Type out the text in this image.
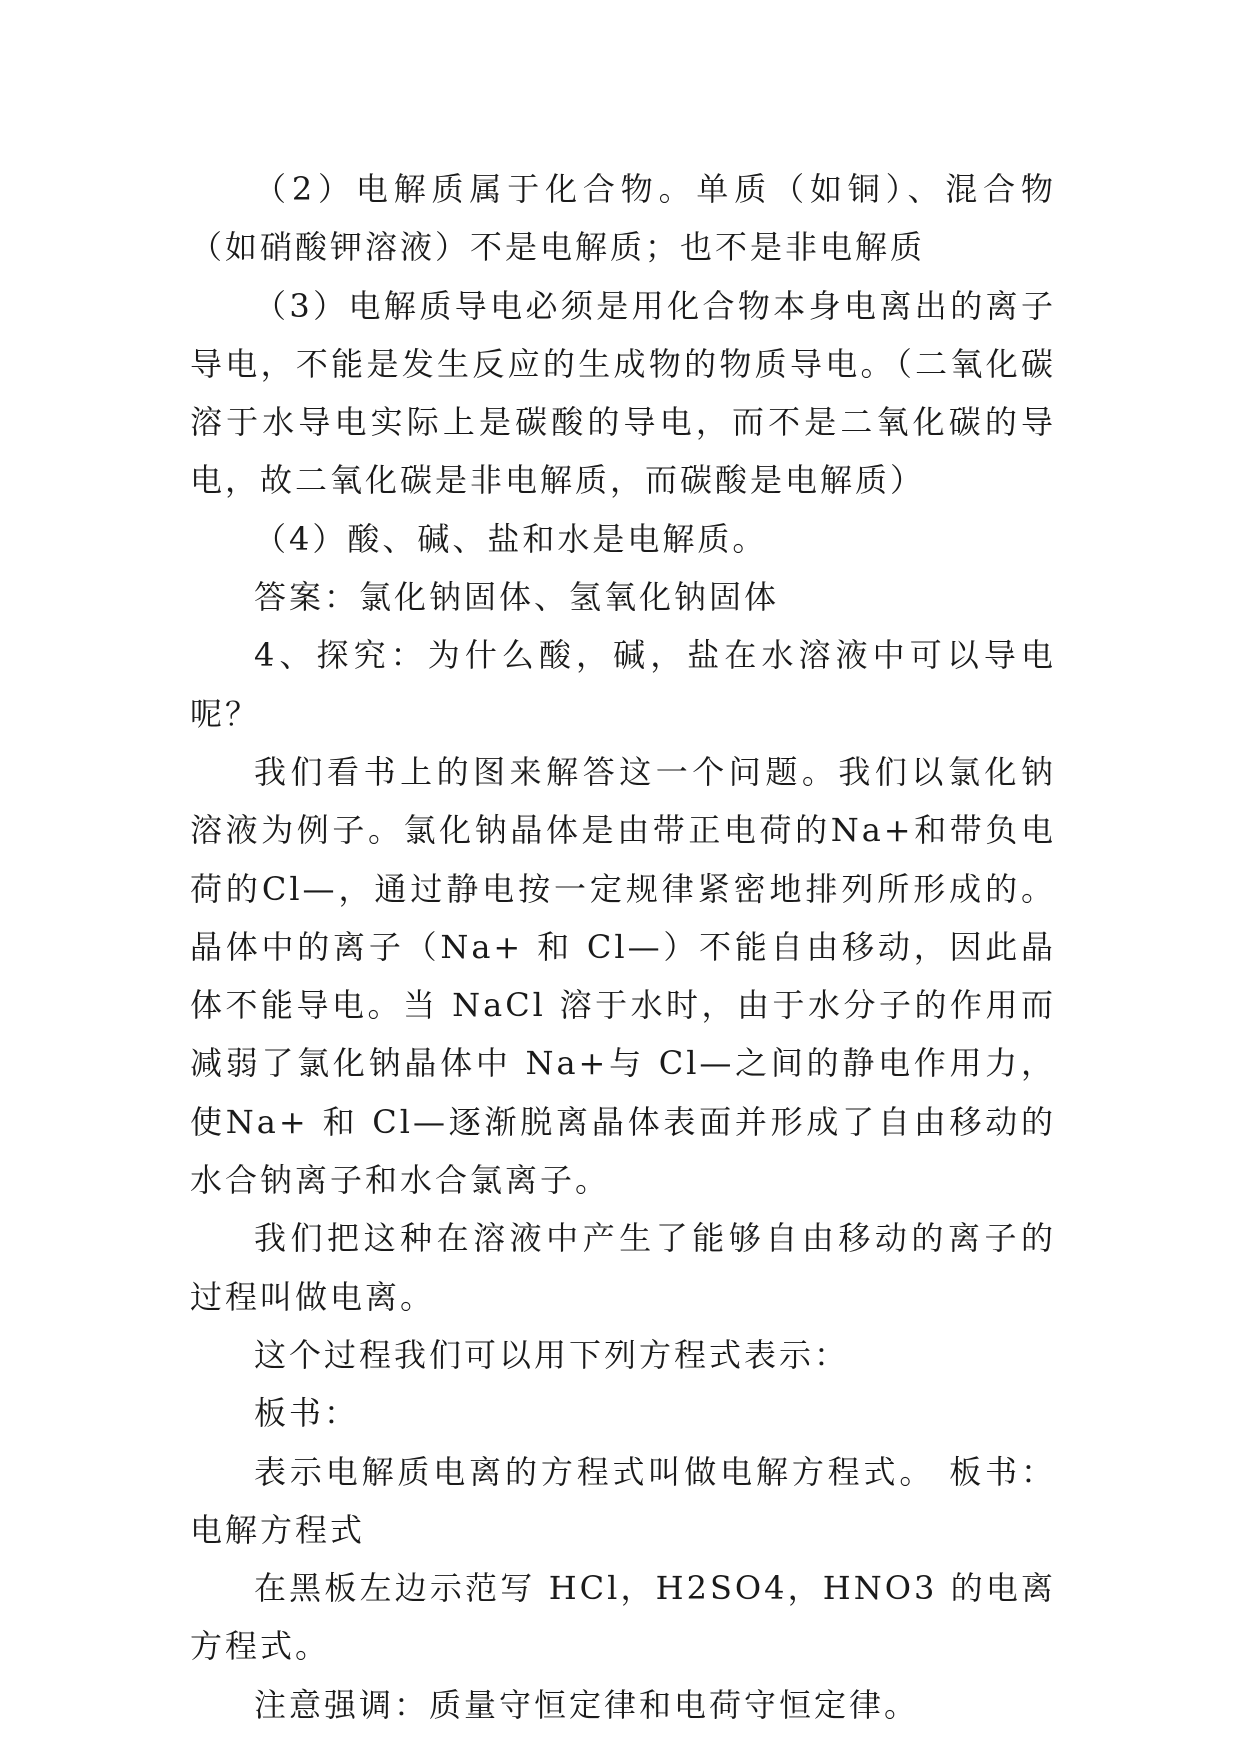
（2）电解质属于化合物。单质（如铜）、混合物（如硝酸钾溶液）不是电解质；也不是非电解质

（3）电解质导电必须是用化合物本身电离出的离子导电，不能是发生反应的生成物的物质导电。（二氧化碳溶于水导电实际上是碳酸的导电，而不是二氧化碳的导电，故二氧化碳是非电解质，而碳酸是电解质）

（4）酸、碱、盐和水是电解质。

答案：氯化钠固体、氢氧化钠固体

4、探究：为什么酸，碱，盐在水溶液中可以导电呢？

我们看书上的图来解答这一个问题。我们以氯化钠溶液为例子。氯化钠晶体是由带正电荷的Na+和带负电荷的Cl—，通过静电按一定规律紧密地排列所形成的。晶体中的离子（Na+ 和 Cl—）不能自由移动，因此晶体不能导电。当 NaCl 溶于水时，由于水分子的作用而减弱了氯化钠晶体中 Na+与 Cl—之间的静电作用力，使Na+ 和 Cl—逐渐脱离晶体表面并形成了自由移动的水合钠离子和水合氯离子。

我们把这种在溶液中产生了能够自由移动的离子的过程叫做电离。

这个过程我们可以用下列方程式表示：

板书：

表示电解质电离的方程式叫做电解方程式。 板书：电解方程式

在黑板左边示范写 HCl，H2SO4，HNO3 的电离方程式。

注意强调：质量守恒定律和电荷守恒定律。
